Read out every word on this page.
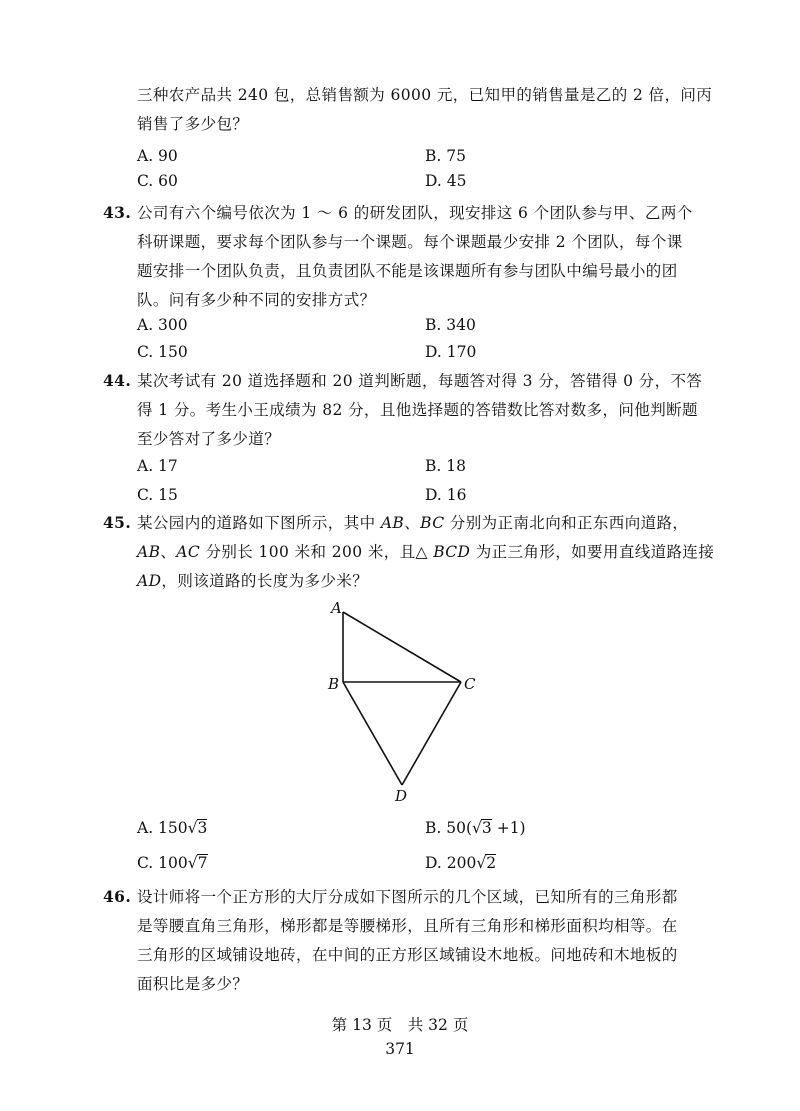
三种农产品共 240 包，总销售额为 6000 元，已知甲的销售量是乙的 2 倍，问丙
销售了多少包？
A. 90	B. 75
C. 60	D. 45
43. 公司有六个编号依次为 1 ～ 6 的研发团队，现安排这 6 个团队参与甲、乙两个
科研课题，要求每个团队参与一个课题。每个课题最少安排 2 个团队，每个课
题安排一个团队负责，且负责团队不能是该课题所有参与团队中编号最小的团
队。问有多少种不同的安排方式？
A. 300	B. 340
C. 150	D. 170
44. 某次考试有 20 道选择题和 20 道判断题，每题答对得 3 分，答错得 0 分，不答
得 1 分。考生小王成绩为 82 分，且他选择题的答错数比答对数多，问他判断题
至少答对了多少道？
A. 17	B. 18
C. 15	D. 16
45. 某公园内的道路如下图所示，其中 AB、BC 分别为正南北向和正东西向道路，
AB、AC 分别长 100 米和 200 米，且△ BCD 为正三角形，如要用直线道路连接
AD，则该道路的长度为多少米？
A
B	C
D
A. 150√3	B. 50(√3 +1)
C. 100√7	D. 200√2
46. 设计师将一个正方形的大厅分成如下图所示的几个区域，已知所有的三角形都
是等腰直角三角形，梯形都是等腰梯形，且所有三角形和梯形面积均相等。在
三角形的区域铺设地砖，在中间的正方形区域铺设木地板。问地砖和木地板的
面积比是多少？
第 13 页　共 32 页
371
